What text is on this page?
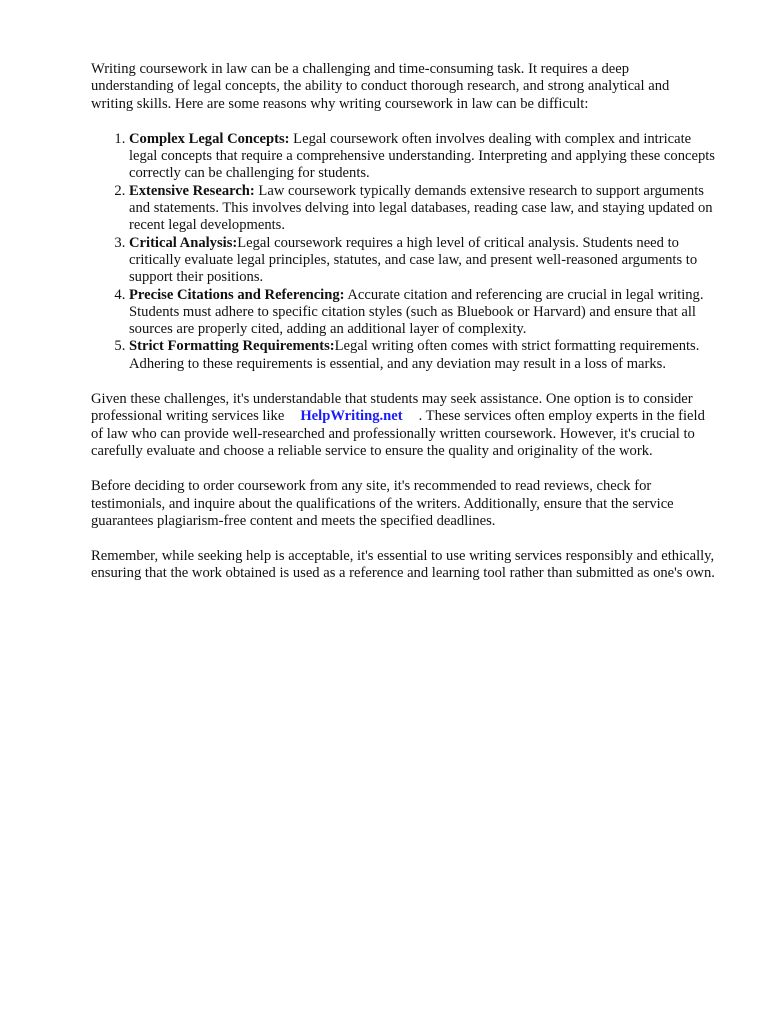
Writing coursework in law can be a challenging and time-consuming task. It requires a deep understanding of legal concepts, the ability to conduct thorough research, and strong analytical and writing skills. Here are some reasons why writing coursework in law can be difficult:

1. Complex Legal Concepts: Legal coursework often involves dealing with complex and intricate legal concepts that require a comprehensive understanding. Interpreting and applying these concepts correctly can be challenging for students.
2. Extensive Research: Law coursework typically demands extensive research to support arguments and statements. This involves delving into legal databases, reading case law, and staying updated on recent legal developments.
3. Critical Analysis:Legal coursework requires a high level of critical analysis. Students need to critically evaluate legal principles, statutes, and case law, and present well-reasoned arguments to support their positions.
4. Precise Citations and Referencing: Accurate citation and referencing are crucial in legal writing. Students must adhere to specific citation styles (such as Bluebook or Harvard) and ensure that all sources are properly cited, adding an additional layer of complexity.
5. Strict Formatting Requirements:Legal writing often comes with strict formatting requirements. Adhering to these requirements is essential, and any deviation may result in a loss of marks.

Given these challenges, it's understandable that students may seek assistance. One option is to consider professional writing services like HelpWriting.net . These services often employ experts in the field of law who can provide well-researched and professionally written coursework. However, it's crucial to carefully evaluate and choose a reliable service to ensure the quality and originality of the work.

Before deciding to order coursework from any site, it's recommended to read reviews, check for testimonials, and inquire about the qualifications of the writers. Additionally, ensure that the service guarantees plagiarism-free content and meets the specified deadlines.

Remember, while seeking help is acceptable, it's essential to use writing services responsibly and ethically, ensuring that the work obtained is used as a reference and learning tool rather than submitted as one's own.
